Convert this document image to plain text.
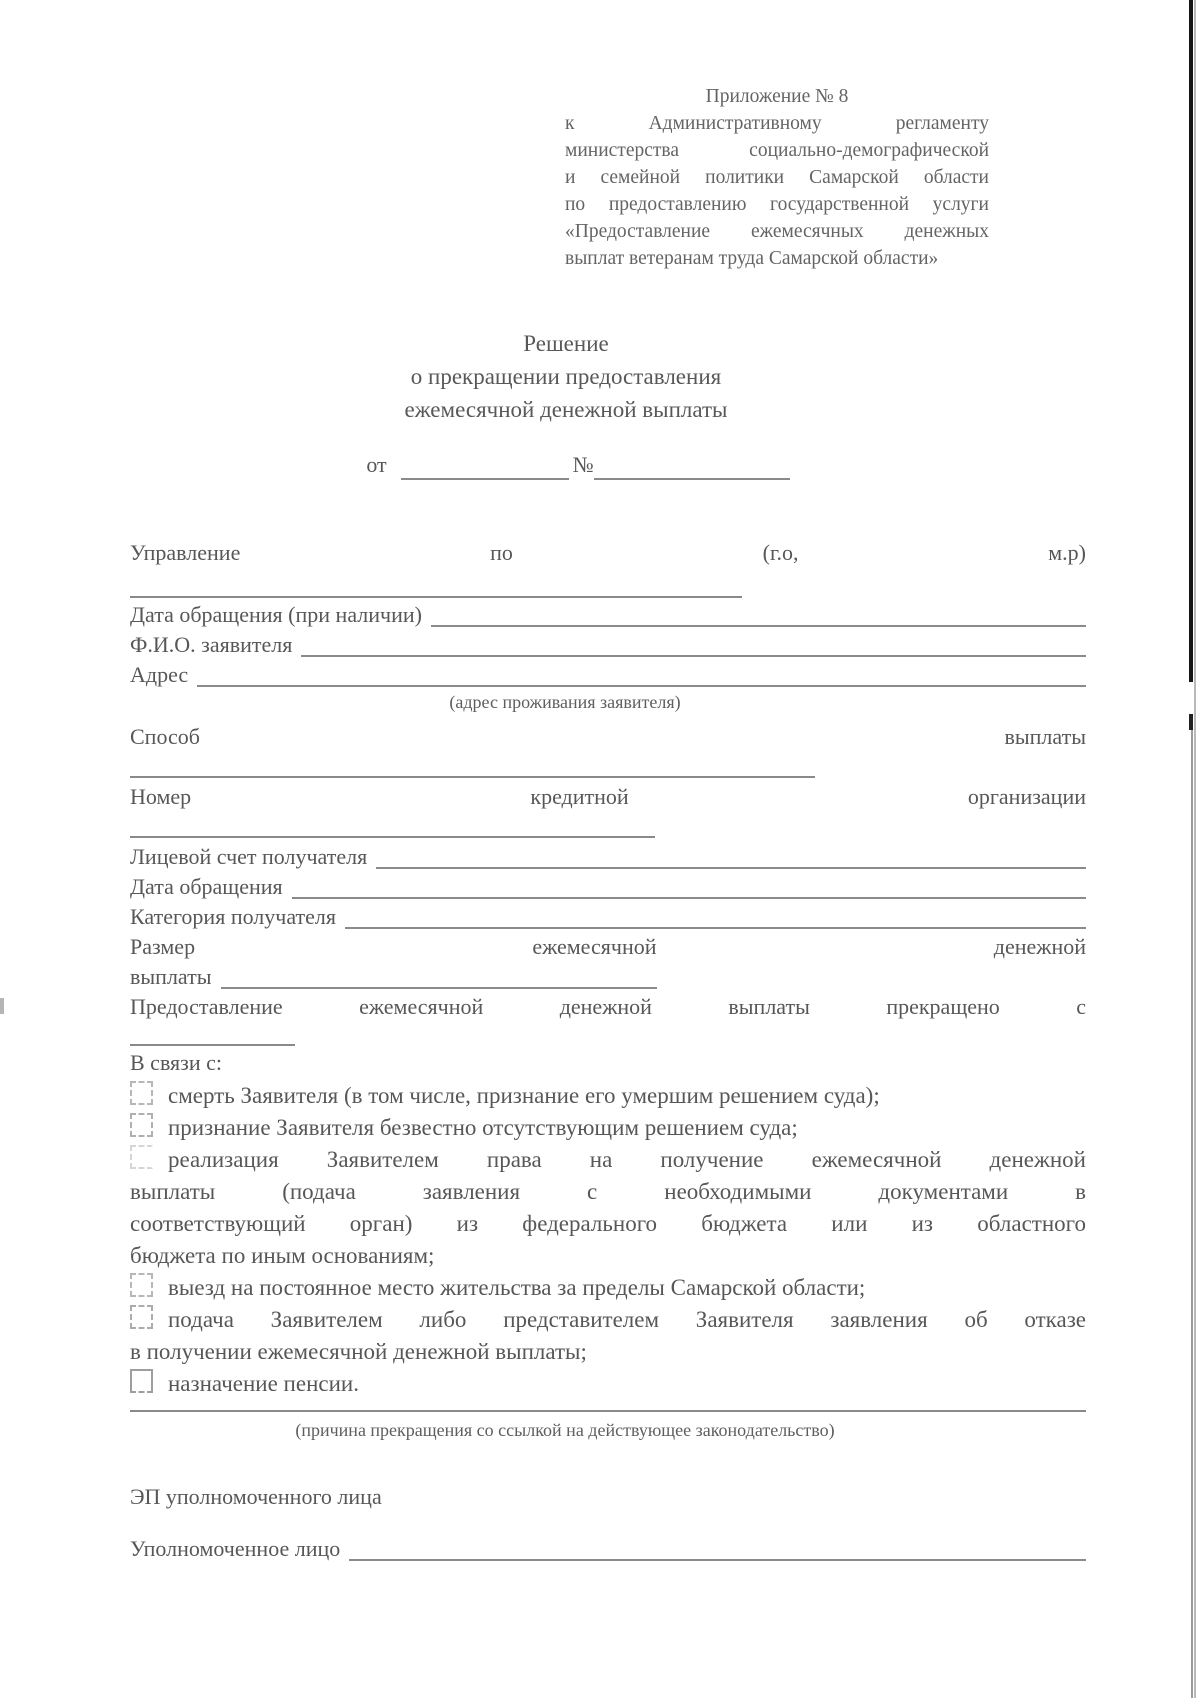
Приложение № 8
к Административному регламенту
министерства социально-демографической
и семейной политики Самарской области
по предоставлению государственной услуги
«Предоставление ежемесячных денежных
выплат ветеранам труда Самарской области»
Решение
о прекращении предоставления
ежемесячной денежной выплаты
от	№
Управление по (г.о, м.р)
Дата обращения (при наличии)
Ф.И.О. заявителя
Адрес
(адрес проживания заявителя)
Способ выплаты
Номер кредитной организации
Лицевой счет получателя
Дата обращения
Категория получателя
Размер ежемесячной денежной
выплаты
Предоставление ежемесячной денежной выплаты прекращено с
В связи с:
смерть Заявителя (в том числе, признание его умершим решением суда);
признание Заявителя безвестно отсутствующим решением суда;
реализация Заявителем права на получение ежемесячной денежной
выплаты (подача заявления с необходимыми документами в
соответствующий орган) из федерального бюджета или из областного
бюджета по иным основаниям;
выезд на постоянное место жительства за пределы Самарской области;
подача Заявителем либо представителем Заявителя заявления об отказе
в получении ежемесячной денежной выплаты;
назначение пенсии.
(причина прекращения со ссылкой на действующее законодательство)
ЭП уполномоченного лица
Уполномоченное лицо
